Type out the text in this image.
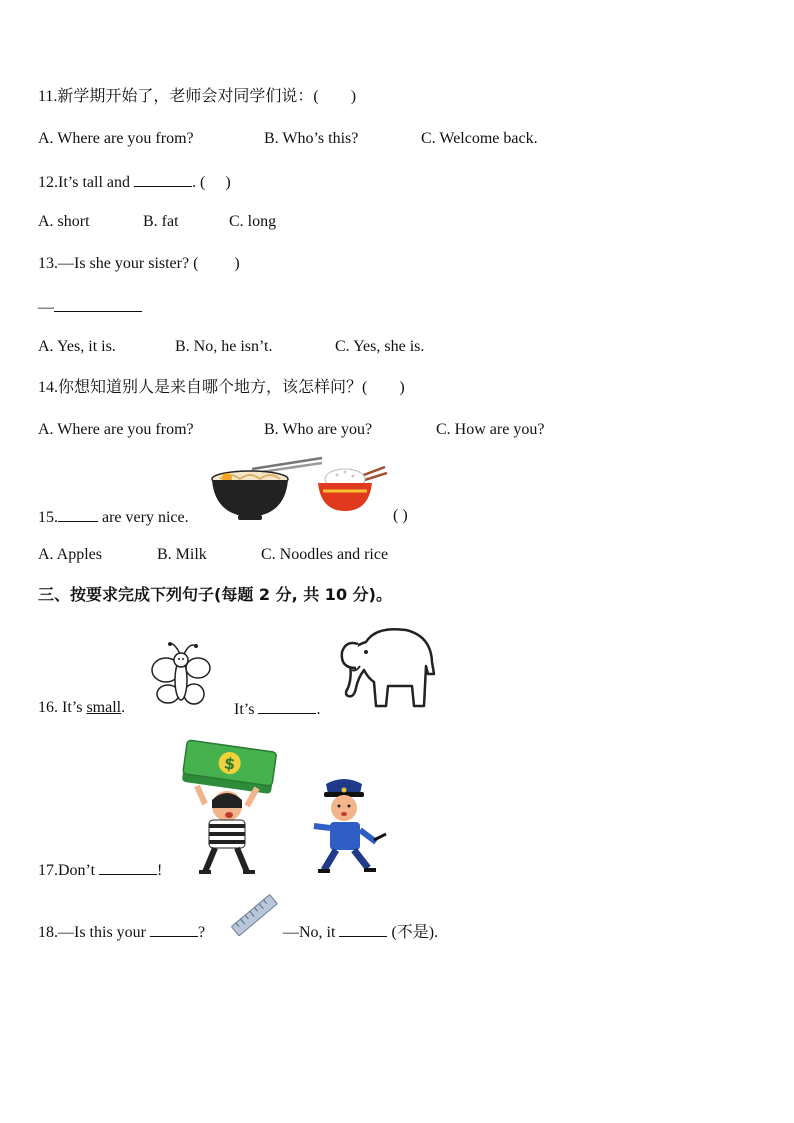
11.新学期开始了，老师会对同学们说：(　　)
A. Where are you from?	B. Who’s this?	C. Welcome back.
12.It’s tall and	. (　 )
A. short	B. fat	C. long
13.—Is she your sister? (　　 )
—
A. Yes, it is.	B. No, he isn’t.	C. Yes, she is.
14.你想知道别人是来自哪个地方，该怎样问？(　　)
A. Where are you from?	B. Who are you?	C. How are you?
15.	are very nice.	( )
A. Apples	B. Milk	C. Noodles and rice
三、按要求完成下列句子(每题 2 分, 共 10 分)。
16. It’s small.	It’s	.
$
17.Don’t	!
18.—Is this your	?	—No, it	(不是).
